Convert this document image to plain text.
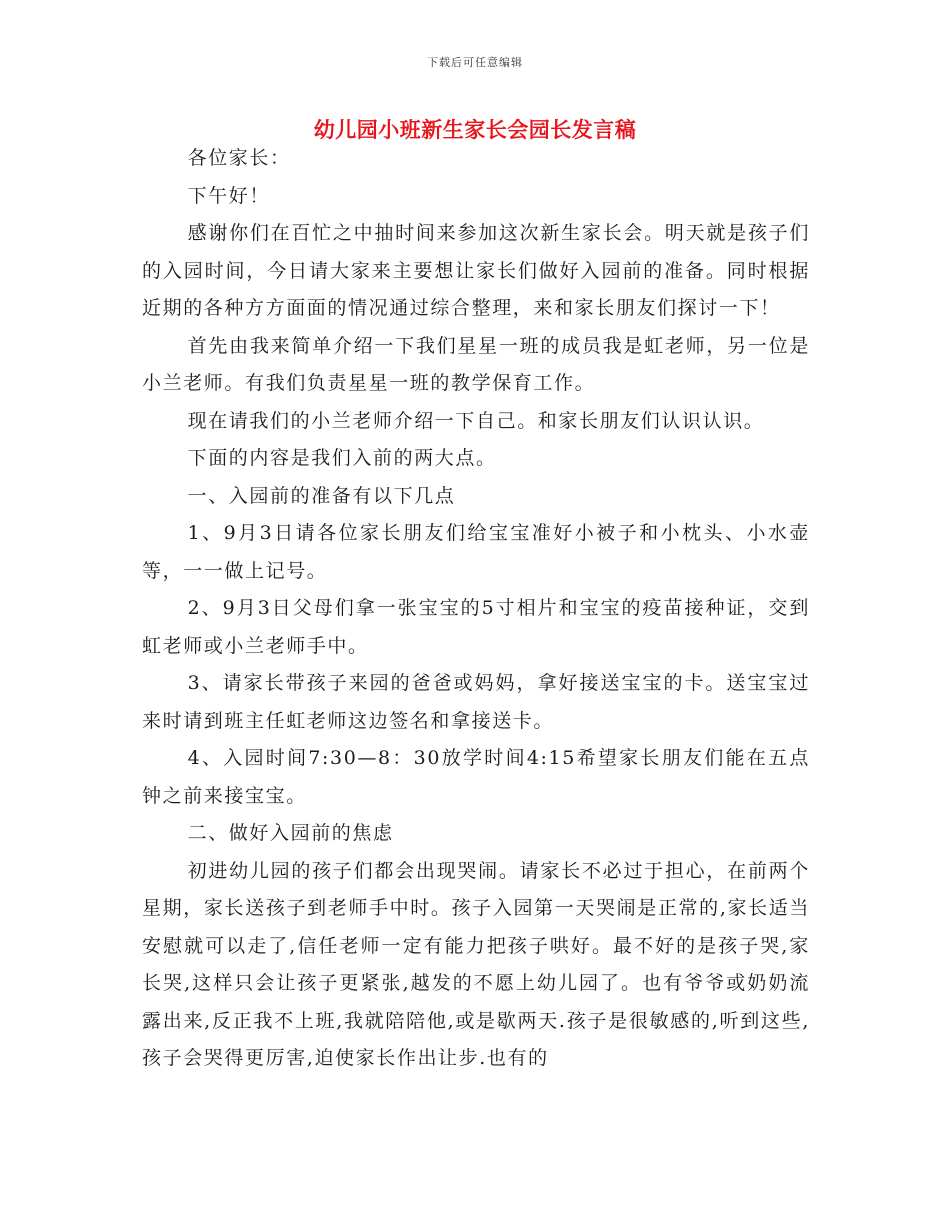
下载后可任意编辑
幼儿园小班新生家长会园长发言稿

各位家长：

下午好！

感谢你们在百忙之中抽时间来参加这次新生家长会。明天就是孩子们的入园时间，今日请大家来主要想让家长们做好入园前的准备。同时根据近期的各种方方面面的情况通过综合整理，来和家长朋友们探讨一下！

首先由我来简单介绍一下我们星星一班的成员我是虹老师，另一位是小兰老师。有我们负责星星一班的教学保育工作。

现在请我们的小兰老师介绍一下自己。和家长朋友们认识认识。

下面的内容是我们入前的两大点。

一、入园前的准备有以下几点

1、9月3日请各位家长朋友们给宝宝准好小被子和小枕头、小水壶等，一一做上记号。

2、9月3日父母们拿一张宝宝的5寸相片和宝宝的疫苗接种证，交到虹老师或小兰老师手中。

3、请家长带孩子来园的爸爸或妈妈，拿好接送宝宝的卡。送宝宝过来时请到班主任虹老师这边签名和拿接送卡。

4、入园时间7:30—8：30放学时间4:15希望家长朋友们能在五点钟之前来接宝宝。

二、做好入园前的焦虑

初进幼儿园的孩子们都会出现哭闹。请家长不必过于担心，在前两个星期，家长送孩子到老师手中时。孩子入园第一天哭闹是正常的,家长适当安慰就可以走了,信任老师一定有能力把孩子哄好。最不好的是孩子哭,家长哭,这样只会让孩子更紧张,越发的不愿上幼儿园了。也有爷爷或奶奶流露出来,反正我不上班,我就陪陪他,或是歇两天.孩子是很敏感的,听到这些,孩子会哭得更厉害,迫使家长作出让步.也有的
